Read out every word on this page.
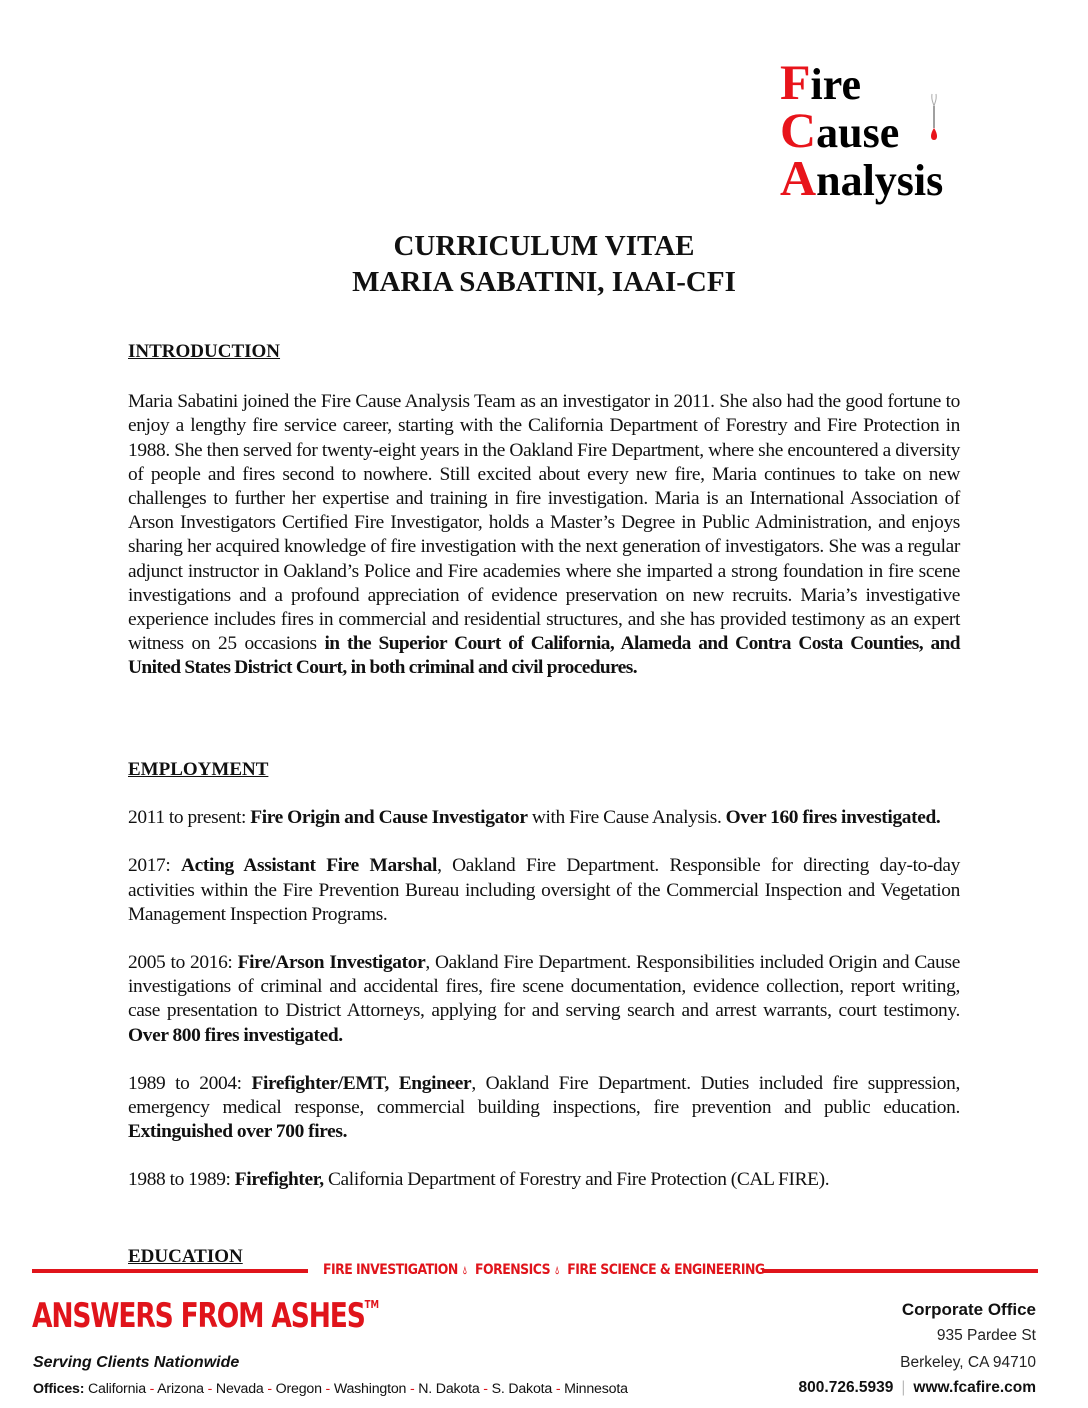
Fire
Cause
Analysis
CURRICULUM VITAE
MARIA SABATINI, IAAI-CFI
INTRODUCTION
Maria Sabatini joined the Fire Cause Analysis Team as an investigator in 2011. She also had the good fortune to enjoy a lengthy fire service career, starting with the California Department of Forestry and Fire Protection in 1988. She then served for twenty-eight years in the Oakland Fire Department, where she encountered a diversity of people and fires second to nowhere. Still excited about every new fire, Maria continues to take on new challenges to further her expertise and training in fire investigation. Maria is an International Association of Arson Investigators Certified Fire Investigator, holds a Master’s Degree in Public Administration, and enjoys sharing her acquired knowledge of fire investigation with the next generation of investigators. She was a regular adjunct instructor in Oakland’s Police and Fire academies where she imparted a strong foundation in fire scene investigations and a profound appreciation of evidence preservation on new recruits. Maria’s investigative experience includes fires in commercial and residential structures, and she has provided testimony as an expert witness on 25 occasions in the Superior Court of California, Alameda and Contra Costa Counties, and United States District Court, in both criminal and civil procedures.
EMPLOYMENT
2011 to present: Fire Origin and Cause Investigator with Fire Cause Analysis. Over 160 fires investigated.
2017: Acting Assistant Fire Marshal, Oakland Fire Department. Responsible for directing day-to-day activities within the Fire Prevention Bureau including oversight of the Commercial Inspection and Vegetation Management Inspection Programs.
2005 to 2016: Fire/Arson Investigator, Oakland Fire Department. Responsibilities included Origin and Cause investigations of criminal and accidental fires, fire scene documentation, evidence collection, report writing, case presentation to District Attorneys, applying for and serving search and arrest warrants, court testimony. Over 800 fires investigated.
1989 to 2004: Firefighter/EMT, Engineer, Oakland Fire Department. Duties included fire suppression, emergency medical response, commercial building inspections, fire prevention and public education. Extinguished over 700 fires.
1988 to 1989: Firefighter, California Department of Forestry and Fire Protection (CAL FIRE).
EDUCATION
FIRE INVESTIGATION 💧︎ FORENSICS 💧︎ FIRE SCIENCE & ENGINEERING
ANSWERS FROM ASHES™
Serving Clients Nationwide
Offices: California - Arizona - Nevada - Oregon - Washington - N. Dakota - S. Dakota - Minnesota
Corporate Office
935 Pardee St
Berkeley, CA 94710
800.726.5939 | www.fcafire.com
